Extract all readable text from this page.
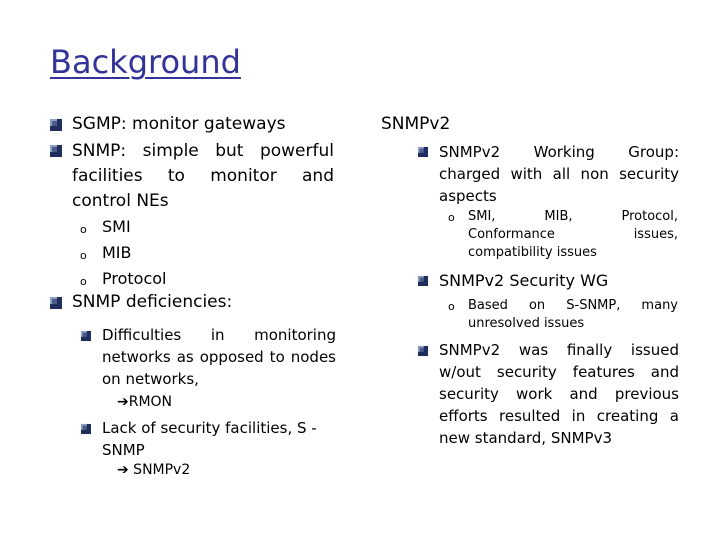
Background
SGMP: monitor gateways
SNMP: simple but powerful facilities to monitor and control NEs
o SMI
o MIB
o Protocol
SNMP deficiencies:
Difficulties in monitoring networks as opposed to nodes on networks,
➔RMON
Lack of security facilities, S -SNMP
➔ SNMPv2
SNMPv2
SNMPv2 Working Group: charged with all non security aspects
o SMI, MIB, Protocol, Conformance issues, compatibility issues
SNMPv2 Security WG
o Based on S-SNMP, many unresolved issues
SNMPv2 was finally issued w/out security features and security work and previous efforts resulted in creating a new standard, SNMPv3
